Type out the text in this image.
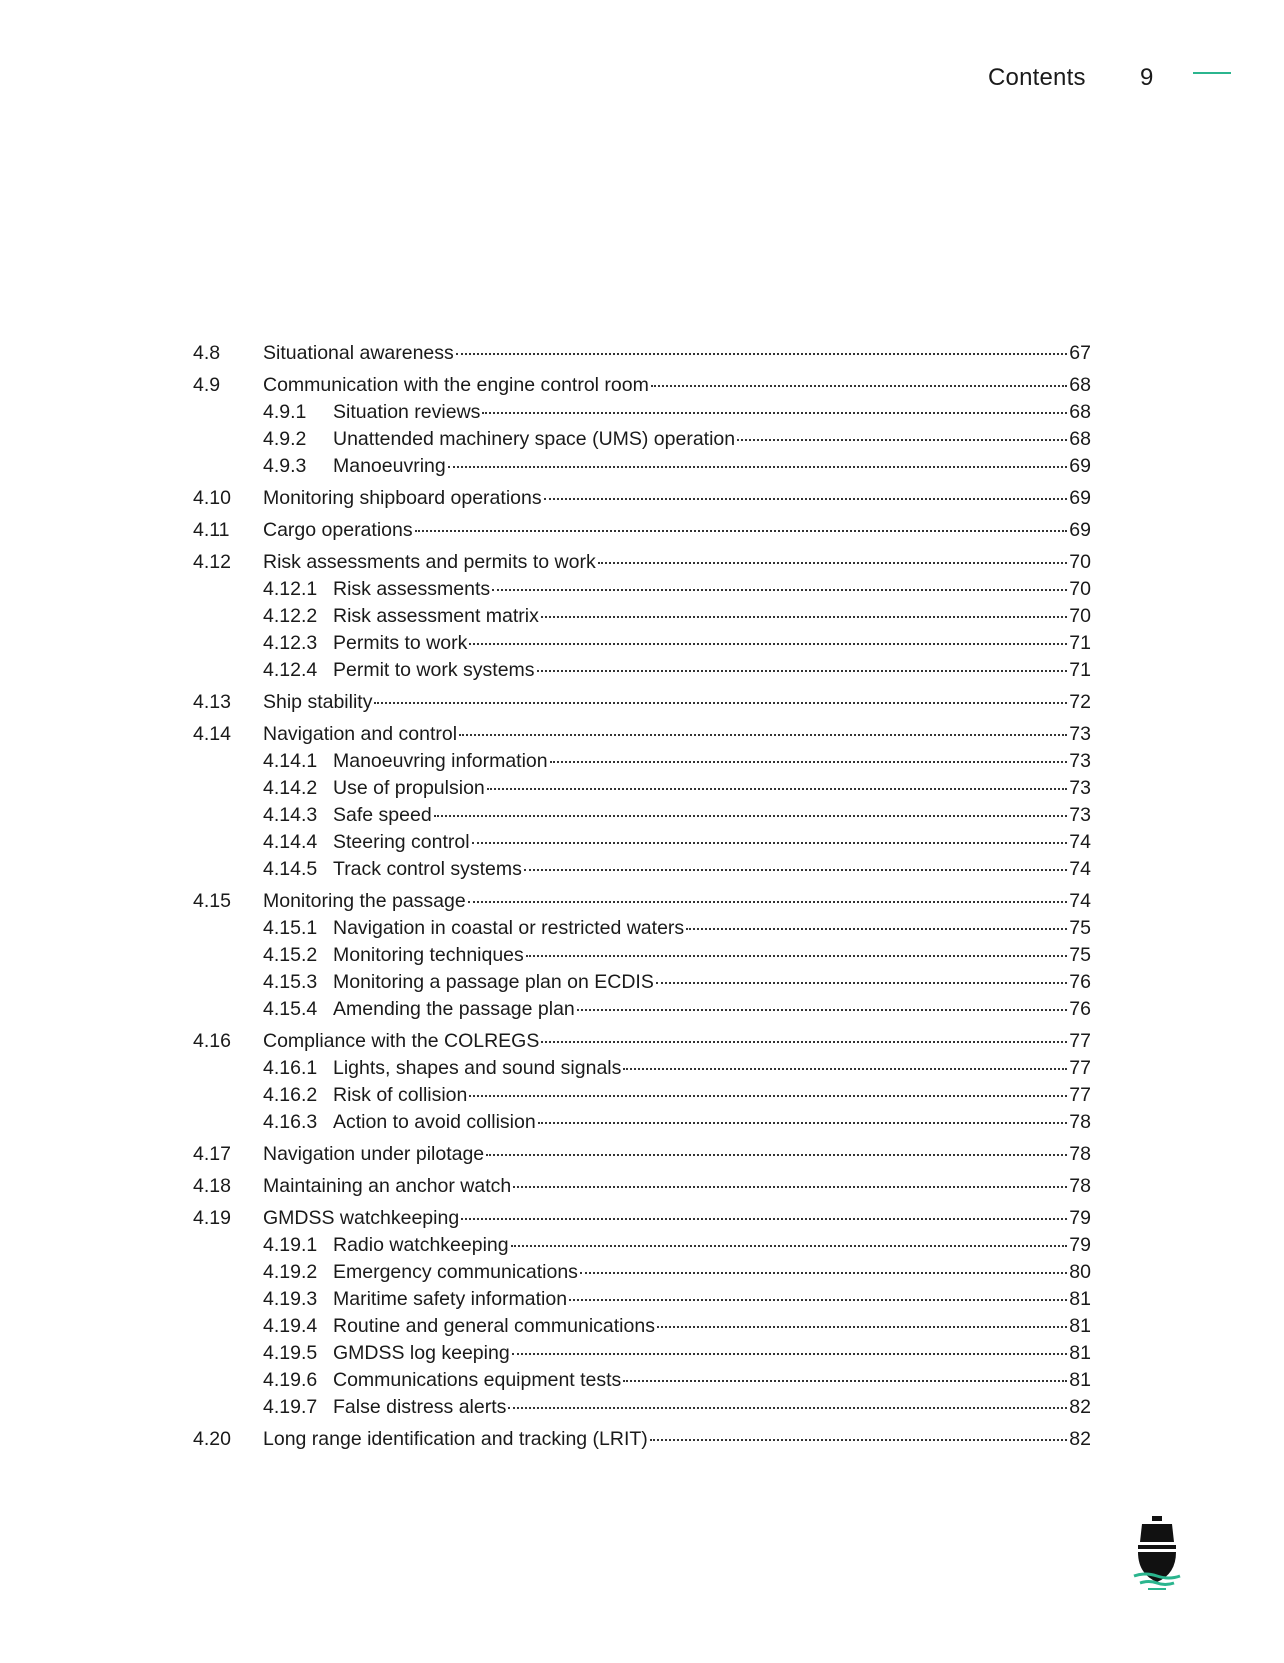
Contents 9
4.8	Situational awareness	67
4.9	Communication with the engine control room	68
4.9.1	Situation reviews	68
4.9.2	Unattended machinery space (UMS) operation	68
4.9.3	Manoeuvring	69
4.10	Monitoring shipboard operations	69
4.11	Cargo operations	69
4.12	Risk assessments and permits to work	70
4.12.1 Risk assessments	70
4.12.2 Risk assessment matrix	70
4.12.3 Permits to work	71
4.12.4 Permit to work systems	71
4.13	Ship stability	72
4.14	Navigation and control	73
4.14.1 Manoeuvring information	73
4.14.2 Use of propulsion	73
4.14.3 Safe speed	73
4.14.4 Steering control	74
4.14.5 Track control systems	74
4.15	Monitoring the passage	74
4.15.1 Navigation in coastal or restricted waters	75
4.15.2 Monitoring techniques	75
4.15.3 Monitoring a passage plan on ECDIS	76
4.15.4 Amending the passage plan	76
4.16	Compliance with the COLREGS	77
4.16.1 Lights, shapes and sound signals	77
4.16.2 Risk of collision	77
4.16.3 Action to avoid collision	78
4.17	Navigation under pilotage	78
4.18	Maintaining an anchor watch	78
4.19	GMDSS watchkeeping	79
4.19.1 Radio watchkeeping	79
4.19.2 Emergency communications	80
4.19.3 Maritime safety information	81
4.19.4 Routine and general communications	81
4.19.5 GMDSS log keeping	81
4.19.6 Communications equipment tests	81
4.19.7 False distress alerts	82
4.20	Long range identification and tracking (LRIT)	82
